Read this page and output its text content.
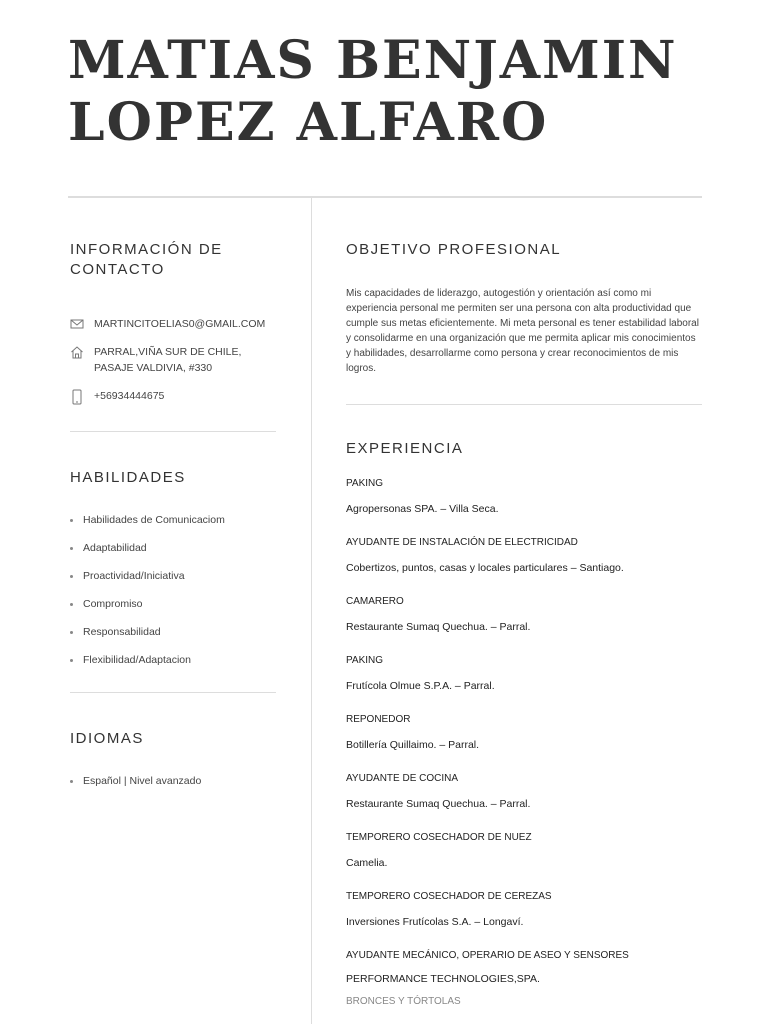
MATIAS BENJAMIN
LOPEZ ALFARO
INFORMACIÓN DE CONTACTO
MARTINCITOELIAS0@GMAIL.COM
PARRAL,VIÑA SUR DE CHILE, PASAJE VALDIVIA, #330
+56934444675
HABILIDADES
Habilidades de Comunicaciom
Adaptabilidad
Proactividad/Iniciativa
Compromiso
Responsabilidad
Flexibilidad/Adaptacion
IDIOMAS
Español | Nivel avanzado
OBJETIVO PROFESIONAL

Mis capacidades de liderazgo, autogestión y orientación así como mi experiencia personal me permiten ser una persona con alta productividad que cumple sus metas eficientemente. Mi meta personal es tener estabilidad laboral y consolidarme en una organización que me permita aplicar mis conocimientos y habilidades, desarrollarme como persona y crear reconocimientos de mis logros.

EXPERIENCIA
PAKING
Agropersonas SPA. – Villa Seca.
AYUDANTE DE INSTALACIÓN DE ELECTRICIDAD
Cobertizos, puntos, casas y locales particulares – Santiago.
CAMARERO
Restaurante Sumaq Quechua. – Parral.
PAKING
Frutícola Olmue S.P.A. – Parral.
REPONEDOR
Botillería Quillaimo. – Parral.
AYUDANTE DE COCINA
Restaurante Sumaq Quechua. – Parral.
TEMPORERO COSECHADOR DE NUEZ
Camelia.
TEMPORERO COSECHADOR DE CEREZAS
Inversiones Frutícolas S.A. – Longaví.
AYUDANTE MECÁNICO, OPERARIO DE ASEO Y SENSORES
PERFORMANCE TECHNOLOGIES,SPA.
BRONCES Y TÓRTOLAS
